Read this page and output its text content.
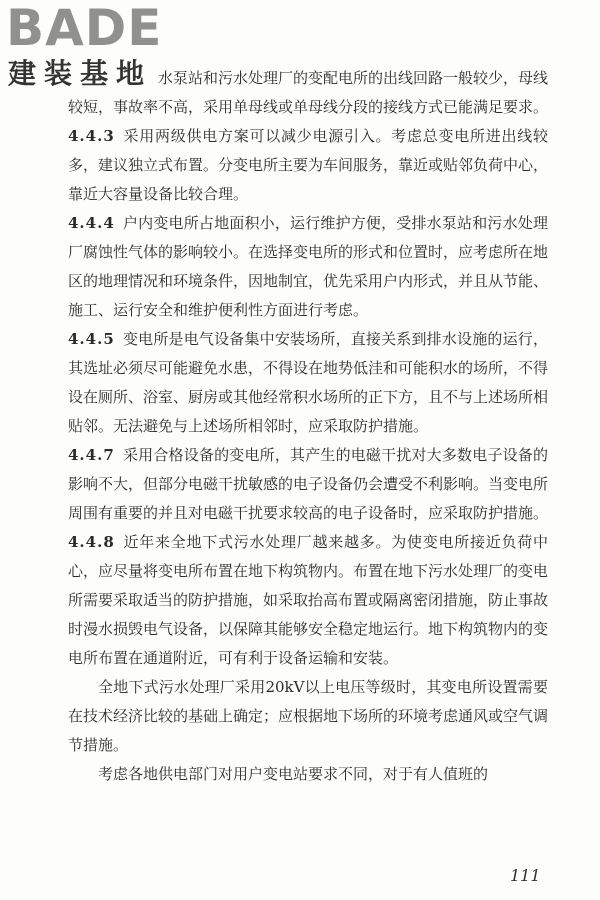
BADE
建装基地 水泵站和污水处理厂的变配电所的出线回路一般较少，母线较短，事故率不高，采用单母线或单母线分段的接线方式已能满足要求。

4.4.3 采用两级供电方案可以减少电源引入。考虑总变电所进出线较多，建议独立式布置。分变电所主要为车间服务，靠近或贴邻负荷中心，靠近大容量设备比较合理。

4.4.4 户内变电所占地面积小，运行维护方便，受排水泵站和污水处理厂腐蚀性气体的影响较小。在选择变电所的形式和位置时，应考虑所在地区的地理情况和环境条件，因地制宜，优先采用户内形式，并且从节能、施工、运行安全和维护便利性方面进行考虑。

4.4.5 变电所是电气设备集中安装场所，直接关系到排水设施的运行，其选址必须尽可能避免水患，不得设在地势低洼和可能积水的场所，不得设在厕所、浴室、厨房或其他经常积水场所的正下方，且不与上述场所相贴邻。无法避免与上述场所相邻时，应采取防护措施。

4.4.7 采用合格设备的变电所，其产生的电磁干扰对大多数电子设备的影响不大，但部分电磁干扰敏感的电子设备仍会遭受不利影响。当变电所周围有重要的并且对电磁干扰要求较高的电子设备时，应采取防护措施。

4.4.8 近年来全地下式污水处理厂越来越多。为使变电所接近负荷中心，应尽量将变电所布置在地下构筑物内。布置在地下污水处理厂的变电所需要采取适当的防护措施，如采取抬高布置或隔离密闭措施，防止事故时漫水损毁电气设备，以保障其能够安全稳定地运行。地下构筑物内的变电所布置在通道附近，可有利于设备运输和安装。

全地下式污水处理厂采用20kV以上电压等级时，其变电所设置需要在技术经济比较的基础上确定；应根据地下场所的环境考虑通风或空气调节措施。

考虑各地供电部门对用户变电站要求不同，对于有人值班的

111
